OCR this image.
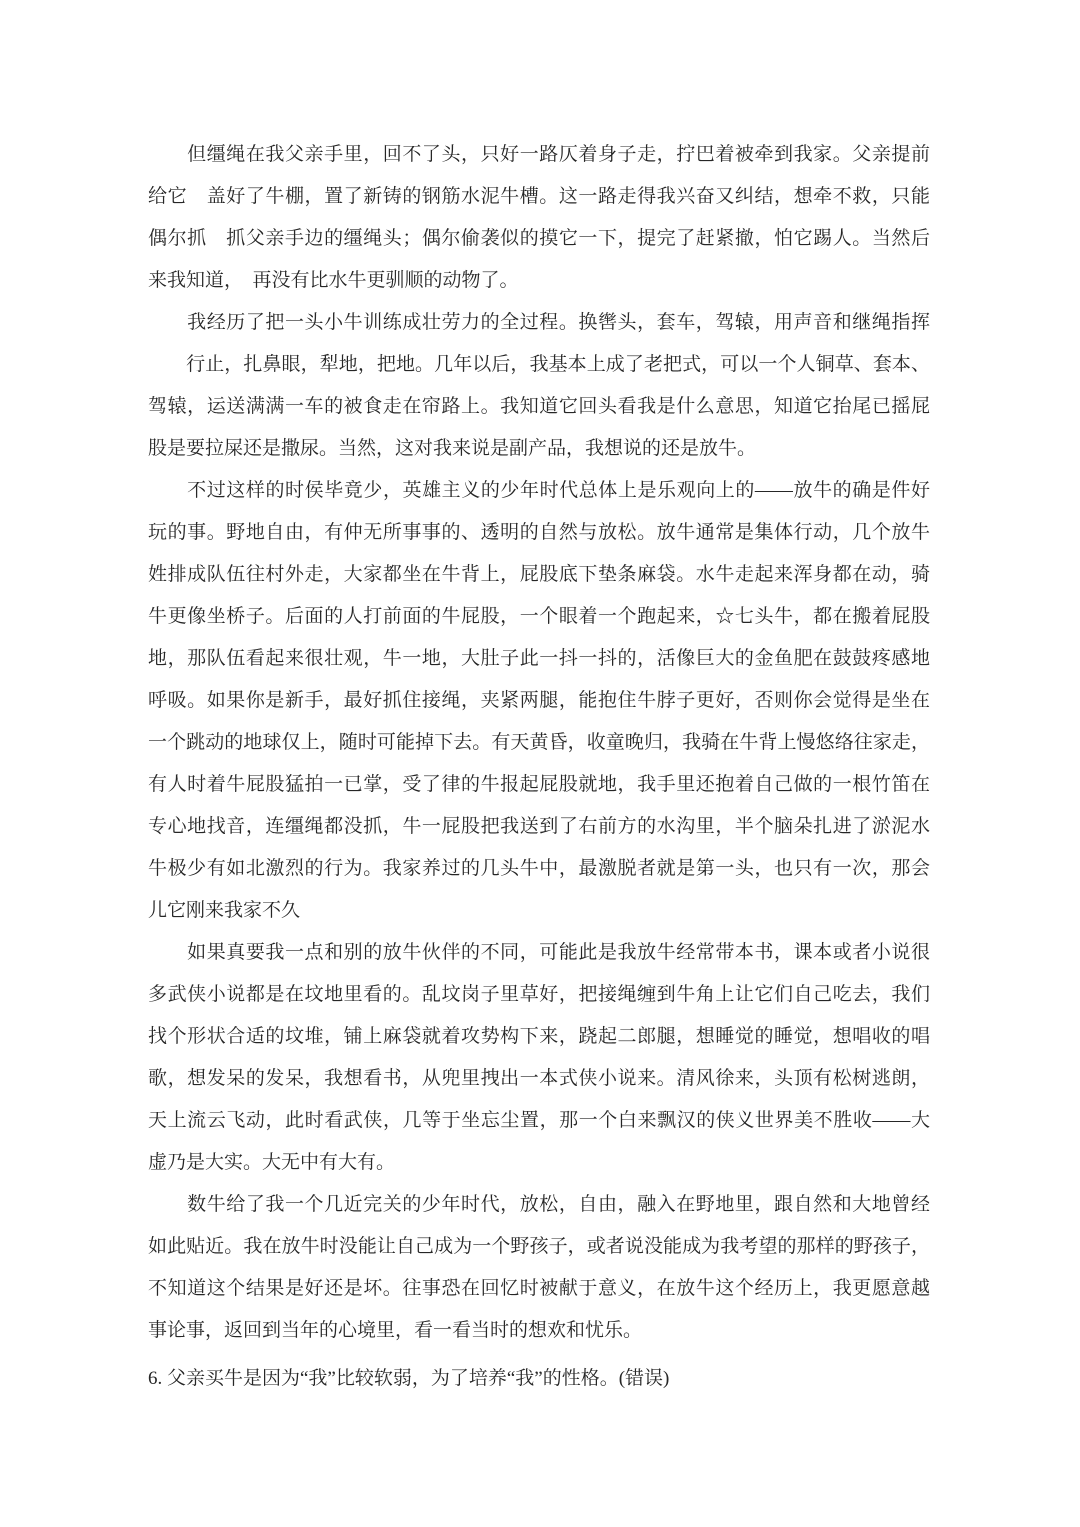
　　但缰绳在我父亲手里，回不了头，只好一路仄着身子走，拧巴着被牵到我家。父亲提前
给它　盖好了牛棚，置了新铸的钢筋水泥牛槽。这一路走得我兴奋又纠结，想牵不救，只能
偶尔抓　抓父亲手边的缰绳头；偶尔偷袭似的摸它一下，提完了赶紧撤，怕它踢人。当然后
来我知道，　再没有比水牛更驯顺的动物了。
　　我经历了把一头小牛训练成壮劳力的全过程。换辔头，套车，驾辕，用声音和继绳指挥
　　行止，扎鼻眼，犁地，把地。几年以后，我基本上成了老把式，可以一个人铜草、套本、
驾辕，运送满满一车的被食走在帘路上。我知道它回头看我是什么意思，知道它抬尾已摇屁
股是要拉屎还是撒尿。当然，这对我来说是副产品，我想说的还是放牛。
　　不过这样的时侯毕竟少，英雄主义的少年时代总体上是乐观向上的——放牛的确是件好
玩的事。野地自由，有仲无所事事的、透明的自然与放松。放牛通常是集体行动，几个放牛
姓排成队伍往村外走，大家都坐在牛背上，屁股底下垫条麻袋。水牛走起来浑身都在动，骑
牛更像坐桥子。后面的人打前面的牛屁股，一个眼着一个跑起来，☆七头牛，都在搬着屁股
地，那队伍看起来很壮观，牛一地，大肚子此一抖一抖的，活像巨大的金鱼肥在鼓鼓疼感地
呼吸。如果你是新手，最好抓住接绳，夹紧两腿，能抱住牛脖子更好，否则你会觉得是坐在
一个跳动的地球仅上，随时可能掉下去。有天黄昏，收童晚归，我骑在牛背上慢悠络往家走，
有人时着牛屁股猛拍一已掌，受了律的牛报起屁股就地，我手里还抱着自己做的一根竹笛在
专心地找音，连缰绳都没抓，牛一屁股把我送到了右前方的水沟里，半个脑朵扎进了淤泥水
牛极少有如北激烈的行为。我家养过的几头牛中，最激脱者就是第一头，也只有一次，那会
儿它刚来我家不久
　　如果真要我一点和别的放牛伙伴的不同，可能此是我放牛经常带本书，课本或者小说很
多武侠小说都是在坟地里看的。乱坟岗子里草好，把接绳缠到牛角上让它们自己吃去，我们
找个形状合适的坟堆，铺上麻袋就着攻势构下来，跷起二郎腿，想睡觉的睡觉，想唱收的唱
歌，想发呆的发呆，我想看书，从兜里拽出一本式侠小说来。清风徐来，头顶有松树逃朗，
天上流云飞动，此时看武侠，几等于坐忘尘置，那一个白来飘汉的侠义世界美不胜收——大
虚乃是大实。大无中有大有。
　　数牛给了我一个几近完关的少年时代，放松，自由，融入在野地里，跟自然和大地曾经
如此贴近。我在放牛时没能让自己成为一个野孩子，或者说没能成为我考望的那样的野孩子，
不知道这个结果是好还是坏。往事恐在回忆时被献于意义，在放牛这个经历上，我更愿意越
事论事，返回到当年的心境里，看一看当时的想欢和忧乐。
6. 父亲买牛是因为“我”比较软弱，为了培养“我”的性格。(错误)
